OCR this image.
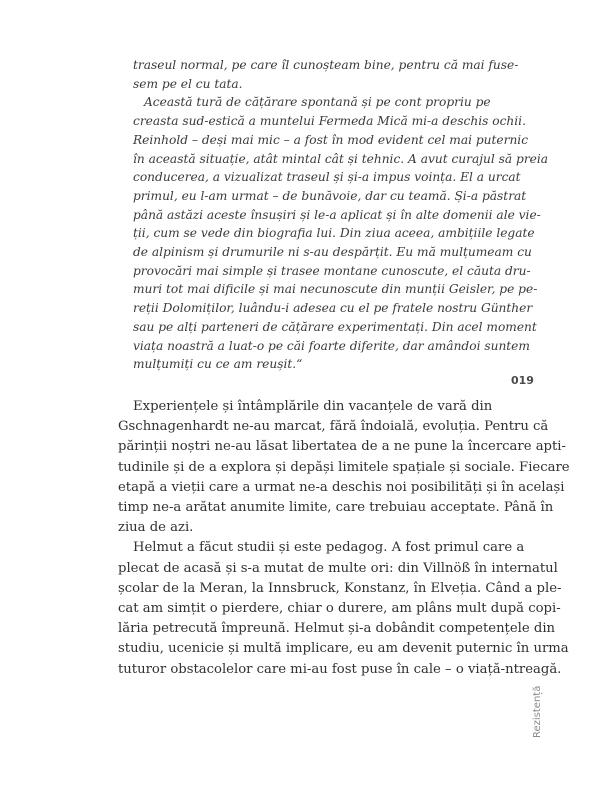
traseul normal, pe care îl cunoșteam bine, pentru că mai fuse-
sem pe el cu tata.
Această tură de cățărare spontană și pe cont propriu pe
creasta sud-estică a muntelui Fermeda Mică mi-a deschis ochii.
Reinhold – deși mai mic – a fost în mod evident cel mai puternic
în această situație, atât mintal cât și tehnic. A avut curajul să preia
conducerea, a vizualizat traseul și și-a impus voința. El a urcat
primul, eu l-am urmat – de bunăvoie, dar cu teamă. Și-a păstrat
până astăzi aceste însușiri și le-a aplicat și în alte domenii ale vie-
ții, cum se vede din biografia lui. Din ziua aceea, ambițiile legate
de alpinism și drumurile ni s-au despărțit. Eu mă mulțumeam cu
provocări mai simple și trasee montane cunoscute, el căuta dru-
muri tot mai dificile și mai necunoscute din munții Geisler, pe pe-
reții Dolomiților, luându-i adesea cu el pe fratele nostru Günther
sau pe alți parteneri de cățărare experimentați. Din acel moment
viața noastră a luat-o pe căi foarte diferite, dar amândoi suntem
mulțumiți cu ce am reușit.“
019
Experiențele și întâmplările din vacanțele de vară din
Gschnagenhardt ne-au marcat, fără îndoială, evoluția. Pentru că
părinții noștri ne-au lăsat libertatea de a ne pune la încercare apti-
tudinile și de a explora și depăși limitele spațiale și sociale. Fiecare
etapă a vieții care a urmat ne-a deschis noi posibilități și în același
timp ne-a arătat anumite limite, care trebuiau acceptate. Până în
ziua de azi.
Helmut a făcut studii și este pedagog. A fost primul care a
plecat de acasă și s-a mutat de multe ori: din Villnöß în internatul
școlar de la Meran, la Innsbruck, Konstanz, în Elveția. Când a ple-
cat am simțit o pierdere, chiar o durere, am plâns mult după copi-
lăria petrecută împreună. Helmut și-a dobândit competențele din
studiu, ucenicie și multă implicare, eu am devenit puternic în urma
tuturor obstacolelor care mi-au fost puse în cale – o viață-ntreagă.
Rezistență
